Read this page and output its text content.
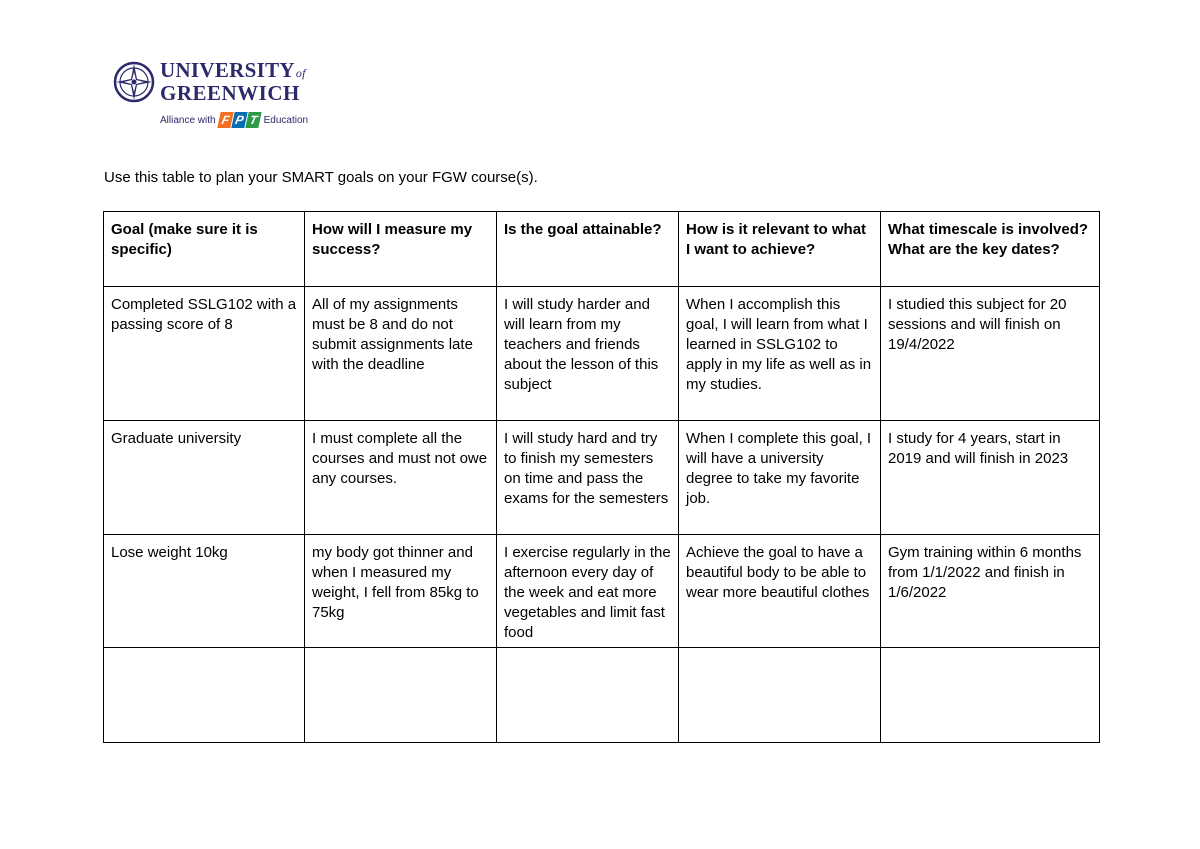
UNIVERSITYof
GREENWICH
Alliance with F P T Education
Use this table to plan your SMART goals on your FGW course(s).
Goal (make sure it is specific)	How will I measure my success?	Is the goal attainable?	How is it relevant to what I want to achieve?	What timescale is involved? What are the key dates?
Completed SSLG102 with a passing score of 8	All of my assignments must be 8 and do not submit assignments late with the deadline	I will study harder and will learn from my teachers and friends about the lesson of this subject	When I accomplish this goal, I will learn from what I learned in SSLG102 to apply in my life as well as in my studies.	I studied this subject for 20 sessions and will finish on 19/4/2022
Graduate university	I must complete all the courses and must not owe any courses.	I will study hard and try to finish my semesters on time and pass the exams for the semesters	When I complete this goal, I will have a university degree to take my favorite job.	I study for 4 years, start in 2019 and will finish in 2023
Lose weight 10kg	my body got thinner and when I measured my weight, I fell from 85kg to 75kg	I exercise regularly in the afternoon every day of the week and eat more vegetables and limit fast food	Achieve the goal to have a beautiful body to be able to wear more beautiful clothes	Gym training within 6 months from 1/1/2022 and finish in 1/6/2022
